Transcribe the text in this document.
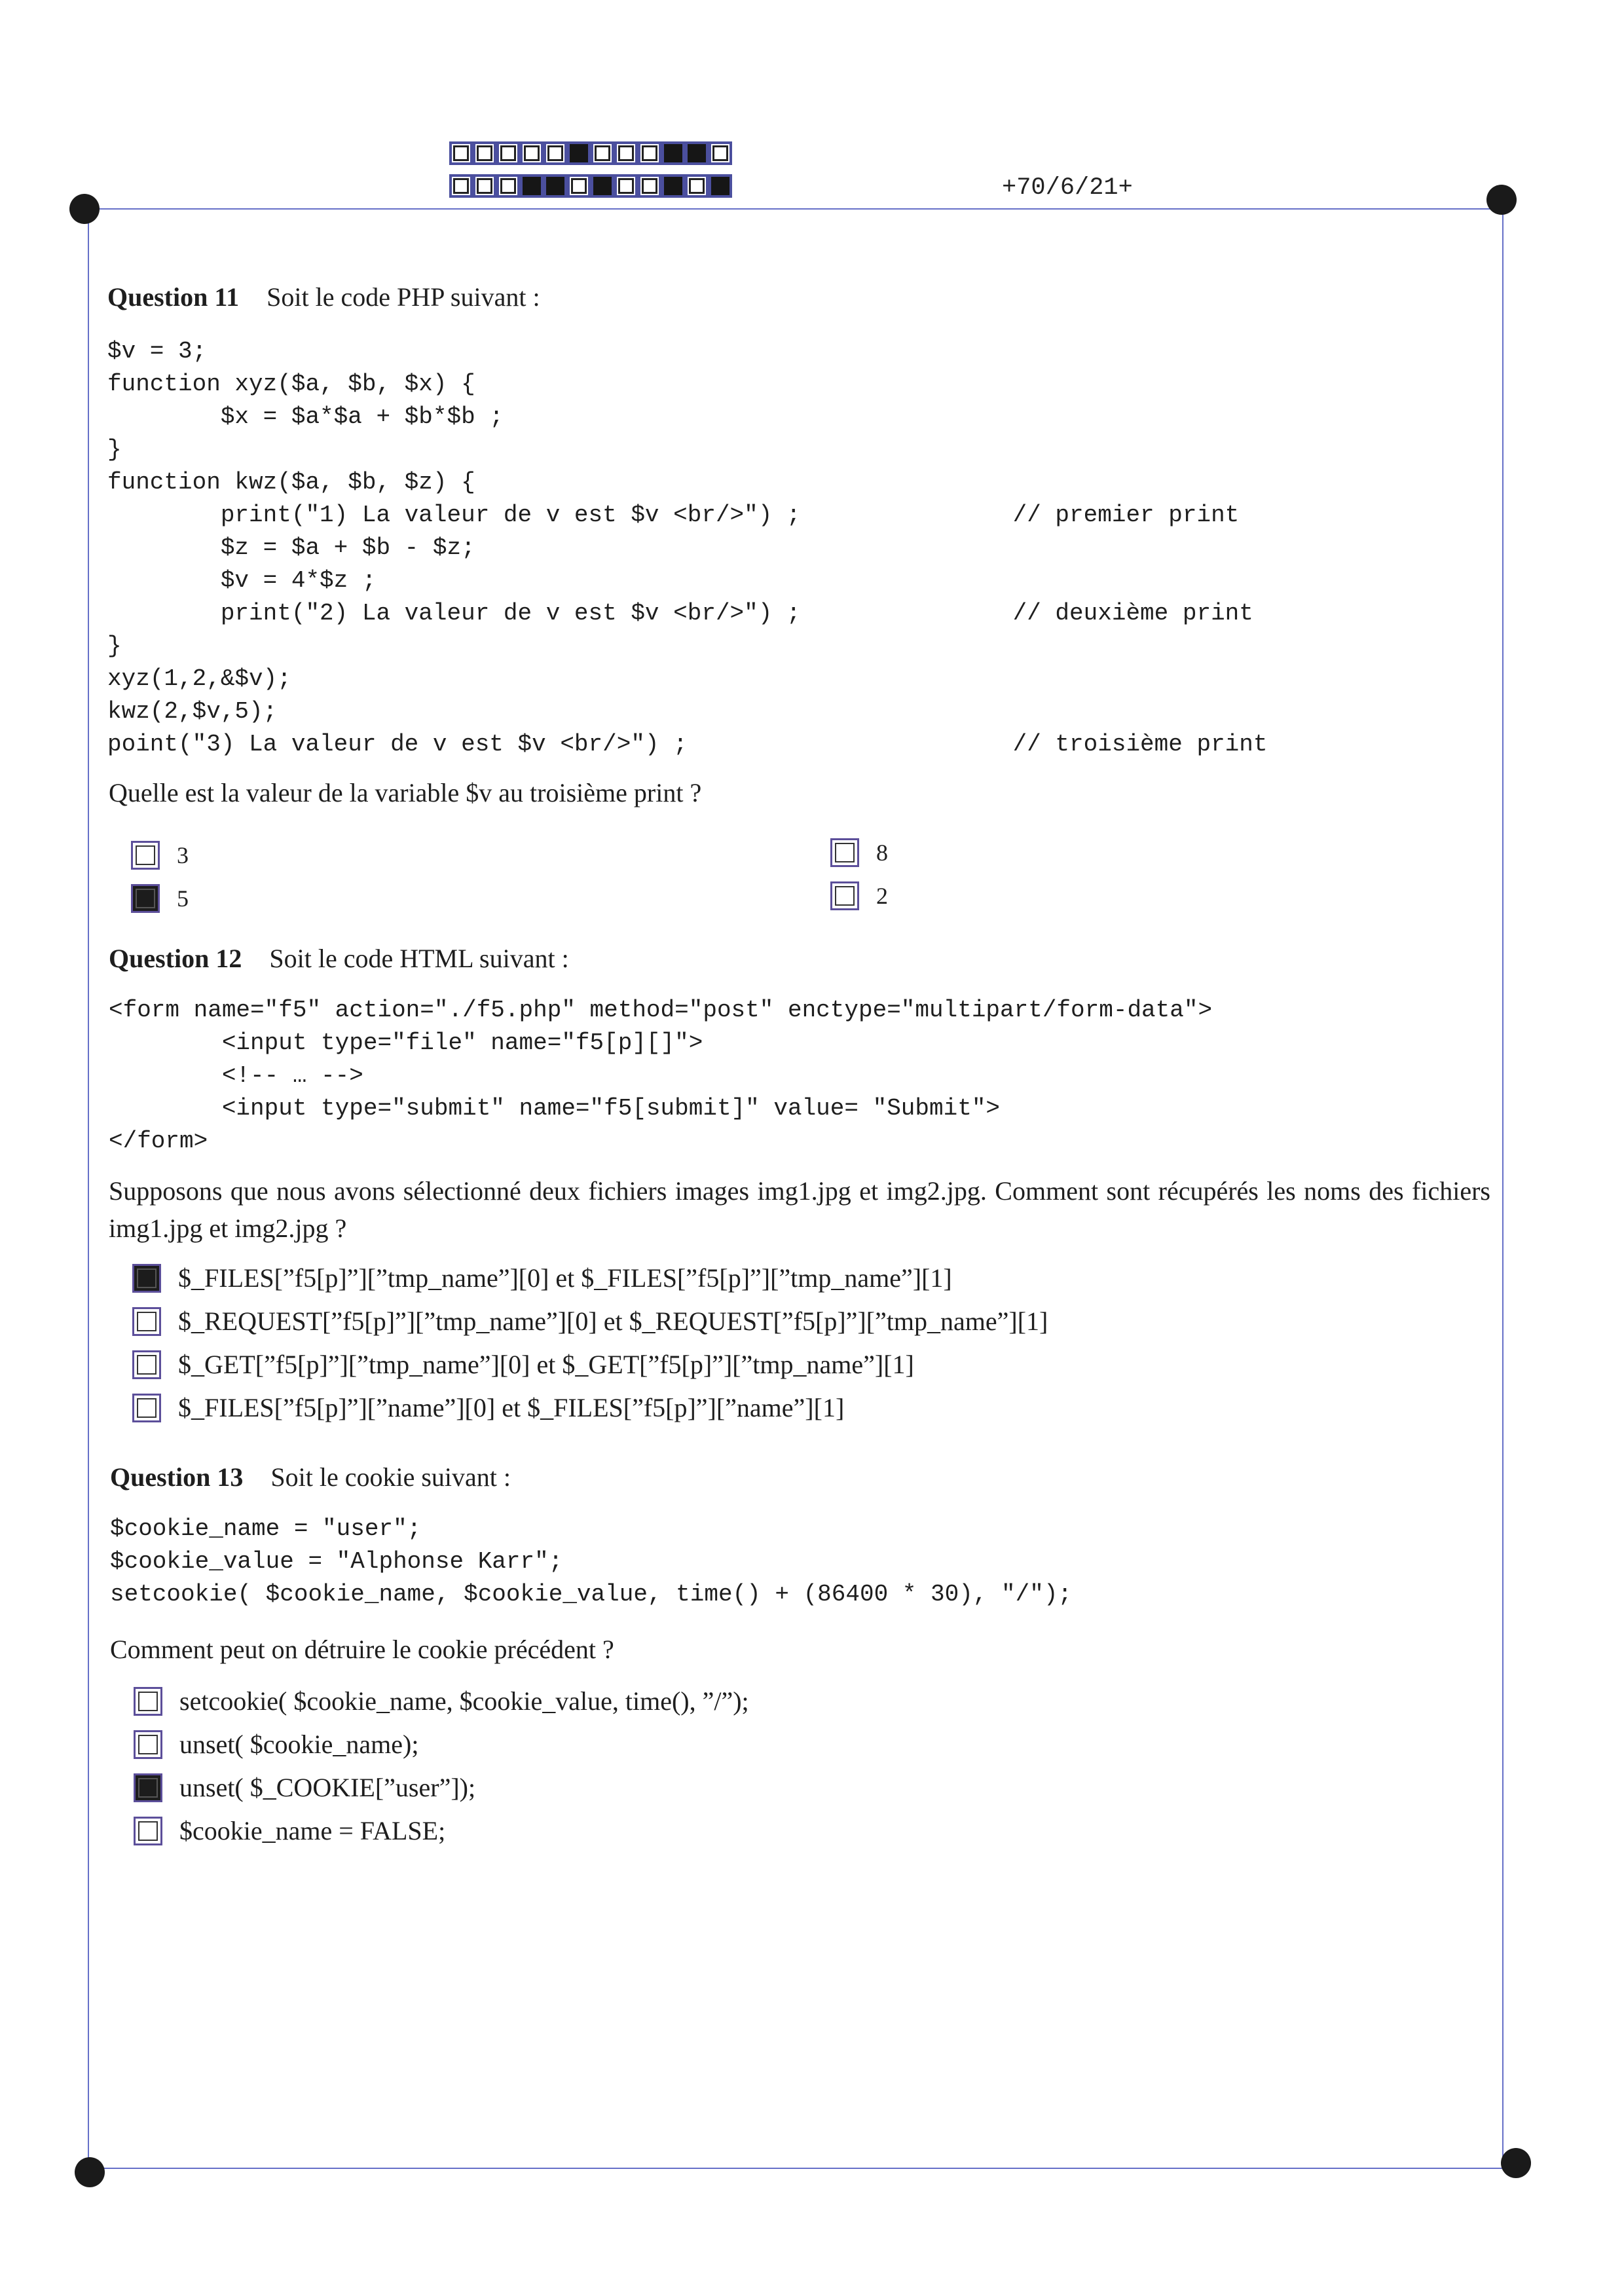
+70/6/21+
Question 11 Soit le code PHP suivant :
$v = 3;
function xyz($a, $b, $x) {
$x = $a*$a + $b*$b ;
}
function kwz($a, $b, $z) {
print("1) La valeur de v est $v <br/>") ;               // premier print
$z = $a + $b - $z;
$v = 4*$z ;
print("2) La valeur de v est $v <br/>") ;               // deuxième print
}
xyz(1,2,&$v);
kwz(2,$v,5);
point("3) La valeur de v est $v <br/>") ;                       // troisième print
Quelle est la valeur de la variable $v au troisième print ?
3
5
8
2
Question 12 Soit le code HTML suivant :
<form name="f5" action="./f5.php" method="post" enctype="multipart/form-data">
<input type="file" name="f5[p][]">
<!-- … -->
<input type="submit" name="f5[submit]" value= "Submit">
</form>
Supposons que nous avons sélectionné deux fichiers images img1.jpg et img2.jpg. Comment sont récupérés les noms des fichiers img1.jpg et img2.jpg ?
$_FILES[”f5[p]”][”tmp_name”][0] et $_FILES[”f5[p]”][”tmp_name”][1]
$_REQUEST[”f5[p]”][”tmp_name”][0] et $_REQUEST[”f5[p]”][”tmp_name”][1]
$_GET[”f5[p]”][”tmp_name”][0] et $_GET[”f5[p]”][”tmp_name”][1]
$_FILES[”f5[p]”][”name”][0] et $_FILES[”f5[p]”][”name”][1]
Question 13 Soit le cookie suivant :
$cookie_name = "user";
$cookie_value = "Alphonse Karr";
setcookie( $cookie_name, $cookie_value, time() + (86400 * 30), "/");
Comment peut on détruire le cookie précédent ?
setcookie( $cookie_name, $cookie_value, time(), ”/”);
unset( $cookie_name);
unset( $_COOKIE[”user”]);
$cookie_name = FALSE;
